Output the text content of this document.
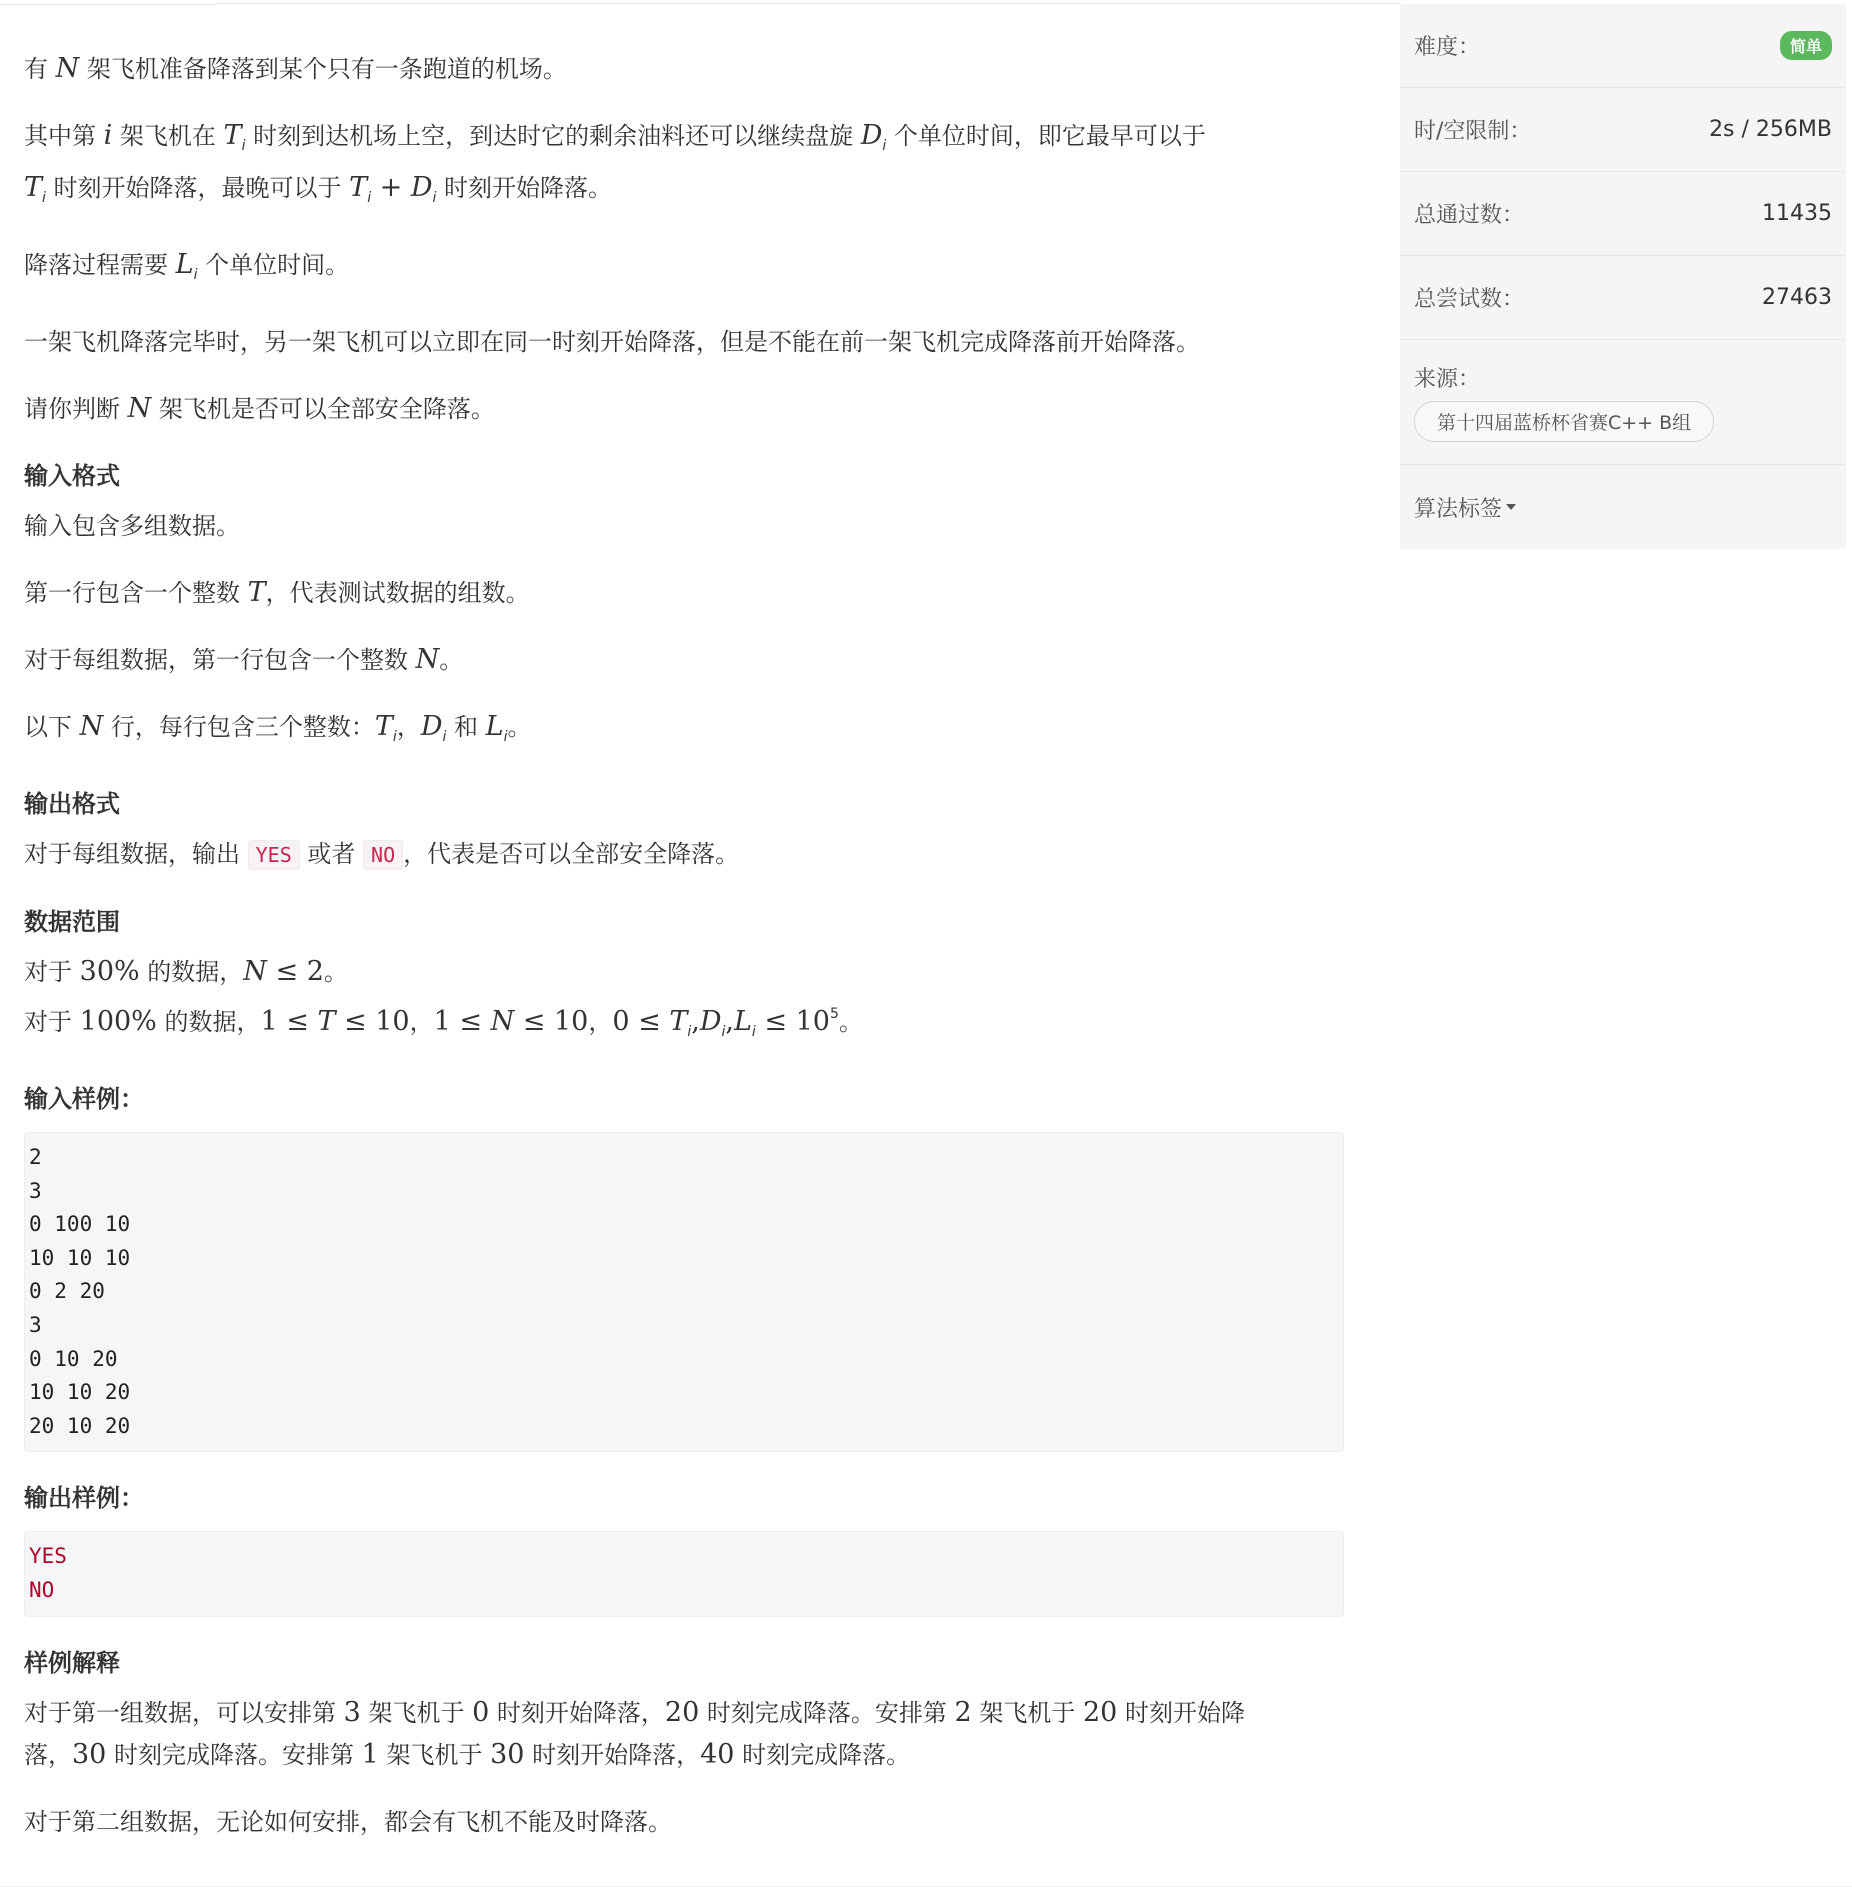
有 N 架飞机准备降落到某个只有一条跑道的机场。

其中第 i 架飞机在 $T_i$ 时刻到达机场上空，到达时它的剩余油料还可以继续盘旋 $D_i$ 个单位时间，即它最早可以于
$T_i$ 时刻开始降落，最晚可以于 $T_i + D_i$ 时刻开始降落。

降落过程需要 $L_i$ 个单位时间。

一架飞机降落完毕时，另一架飞机可以立即在同一时刻开始降落，但是不能在前一架飞机完成降落前开始降落。

请你判断 N 架飞机是否可以全部安全降落。

输入格式

输入包含多组数据。

第一行包含一个整数 T，代表测试数据的组数。

对于每组数据，第一行包含一个整数 N。

以下 N 行，每行包含三个整数：$T_i$，$D_i$ 和 $L_i$。

输出格式

对于每组数据，输出 YES 或者 NO ，代表是否可以全部安全降落。

数据范围

对于 30% 的数据，N ≤ 2。

对于 100% 的数据，1 ≤ T ≤ 10，1 ≤ N ≤ 10，$0 \le T_i,D_i,L_i \le 10^5$。

输入样例：
2
3
0 100 10
10 10 10
0 2 20
3
0 10 20
10 10 20
20 10 20
输出样例：
YES
NO
样例解释

对于第一组数据，可以安排第 3 架飞机于 0 时刻开始降落，20 时刻完成降落。安排第 2 架飞机于 20 时刻开始降
落，30 时刻完成降落。安排第 1 架飞机于 30 时刻开始降落，40 时刻完成降落。

对于第二组数据，无论如何安排，都会有飞机不能及时降落。

难度：	简单
时/空限制：	2s / 256MB
总通过数：	11435
总尝试数：	27463
来源：
第十四届蓝桥杯省赛C++ B组
算法标签
